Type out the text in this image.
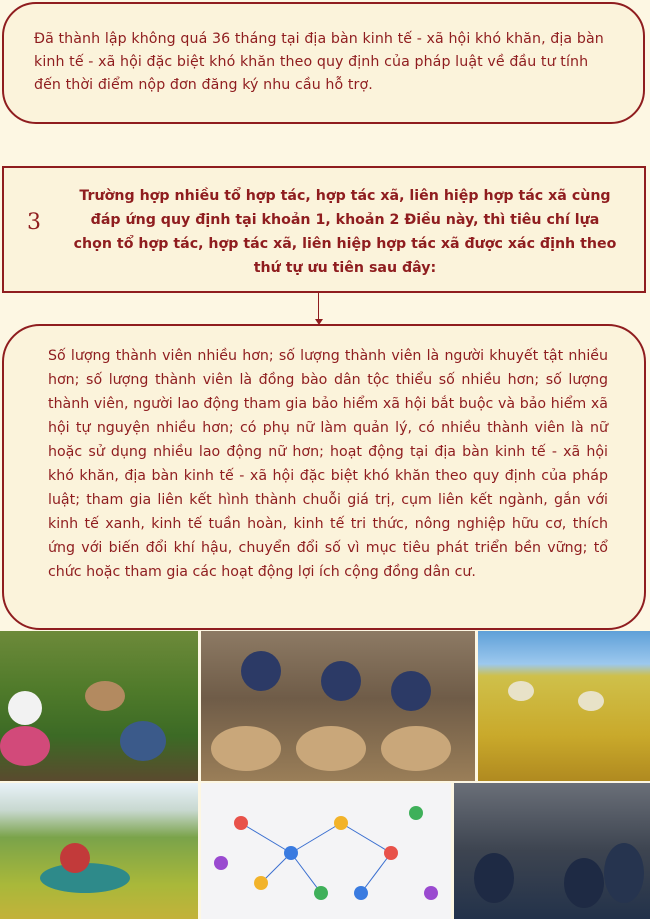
Đã thành lập không quá 36 tháng tại địa bàn kinh tế - xã hội khó khăn, địa bàn kinh tế - xã hội đặc biệt khó khăn theo quy định của pháp luật về đầu tư tính đến thời điểm nộp đơn đăng ký nhu cầu hỗ trợ.

3

Trường hợp nhiều tổ hợp tác, hợp tác xã, liên hiệp hợp tác xã cùng đáp ứng quy định tại khoản 1, khoản 2 Điều này, thì tiêu chí lựa chọn tổ hợp tác, hợp tác xã, liên hiệp hợp tác xã được xác định theo thứ tự ưu tiên sau đây:

Số lượng thành viên nhiều hơn; số lượng thành viên là người khuyết tật nhiều hơn; số lượng thành viên là đồng bào dân tộc thiểu số nhiều hơn; số lượng thành viên, người lao động tham gia bảo hiểm xã hội bắt buộc và bảo hiểm xã hội tự nguyện nhiều hơn; có phụ nữ làm quản lý, có nhiều thành viên là nữ hoặc sử dụng nhiều lao động nữ hơn; hoạt động tại địa bàn kinh tế - xã hội khó khăn, địa bàn kinh tế - xã hội đặc biệt khó khăn theo quy định của pháp luật; tham gia liên kết hình thành chuỗi giá trị, cụm liên kết ngành, gắn với kinh tế xanh, kinh tế tuần hoàn, kinh tế tri thức, nông nghiệp hữu cơ, thích ứng với biến đổi khí hậu, chuyển đổi số vì mục tiêu phát triển bền vững; tổ chức hoặc tham gia các hoạt động lợi ích cộng đồng dân cư.
